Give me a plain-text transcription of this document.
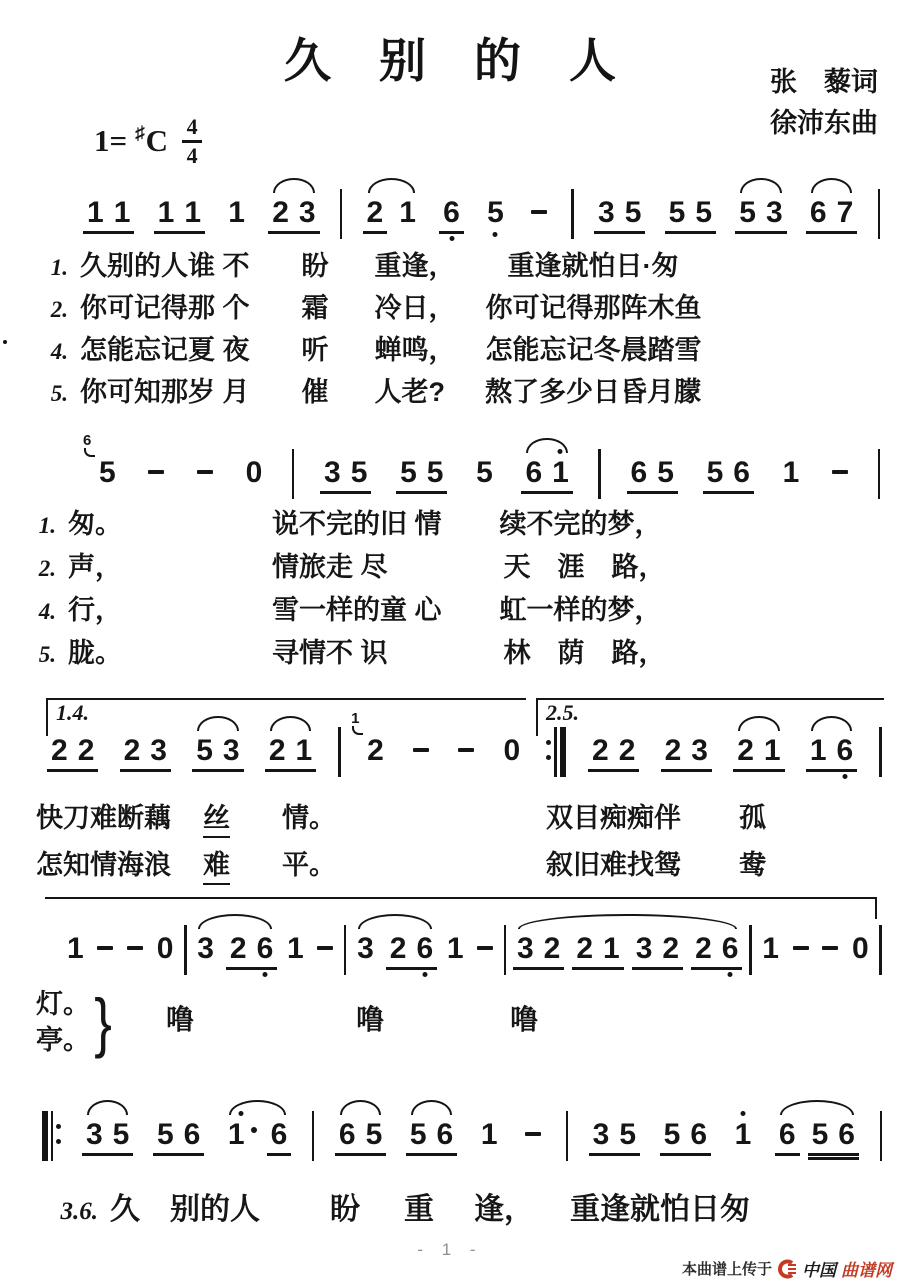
久别的人	张　藜词
徐沛东曲
1= ♯ C 4
4
1 1 1 1 1 2 3 2 1 6 5	3 5 5 5 5 3 6 7
1. 久别的人谁 不 盼 重逢， 重逢就怕日·匆
2. 你可记得那 个 霜 冷日， 你可记得那阵木鱼
4. 怎能忘记夏 夜 听 蝉鸣， 怎能忘记冬晨踏雪
5. 你可知那岁 月 催 人老? 熬了多少日昏月朦
5
6
0 3 5 5 5 5 6 1 6 5 5 6 1
1. 匆。	说不完的旧 情 续不完的梦，
2. 声，	情旅走 尽	天　涯　路，
4. 行，	雪一样的童 心 虹一样的梦，
5. 胧。	寻情不 识	林　荫　路，
1.4.	2.5.
2 2 2 3 5 3 2 1 2
1
0 2 2 2 3 2 1 1 6
快刀难断藕 丝 情。
怎知情海浪 难 平。
双目痴痴伴 孤
叙旧难找鸳 鸯
1 0 3 2 6 1 3 2 6 1 3 2 2 1 3 2 2 6 1 0
灯。
亭。 } 噜	噜	噜
3 5 5 6 1 6 6 5 5 6 1	3 5 5 6 1 6 5 6
3.6. 久 别的人 盼 重 逢， 重逢就怕日匆
- 1 -
本曲谱上传于 中国 曲谱网
